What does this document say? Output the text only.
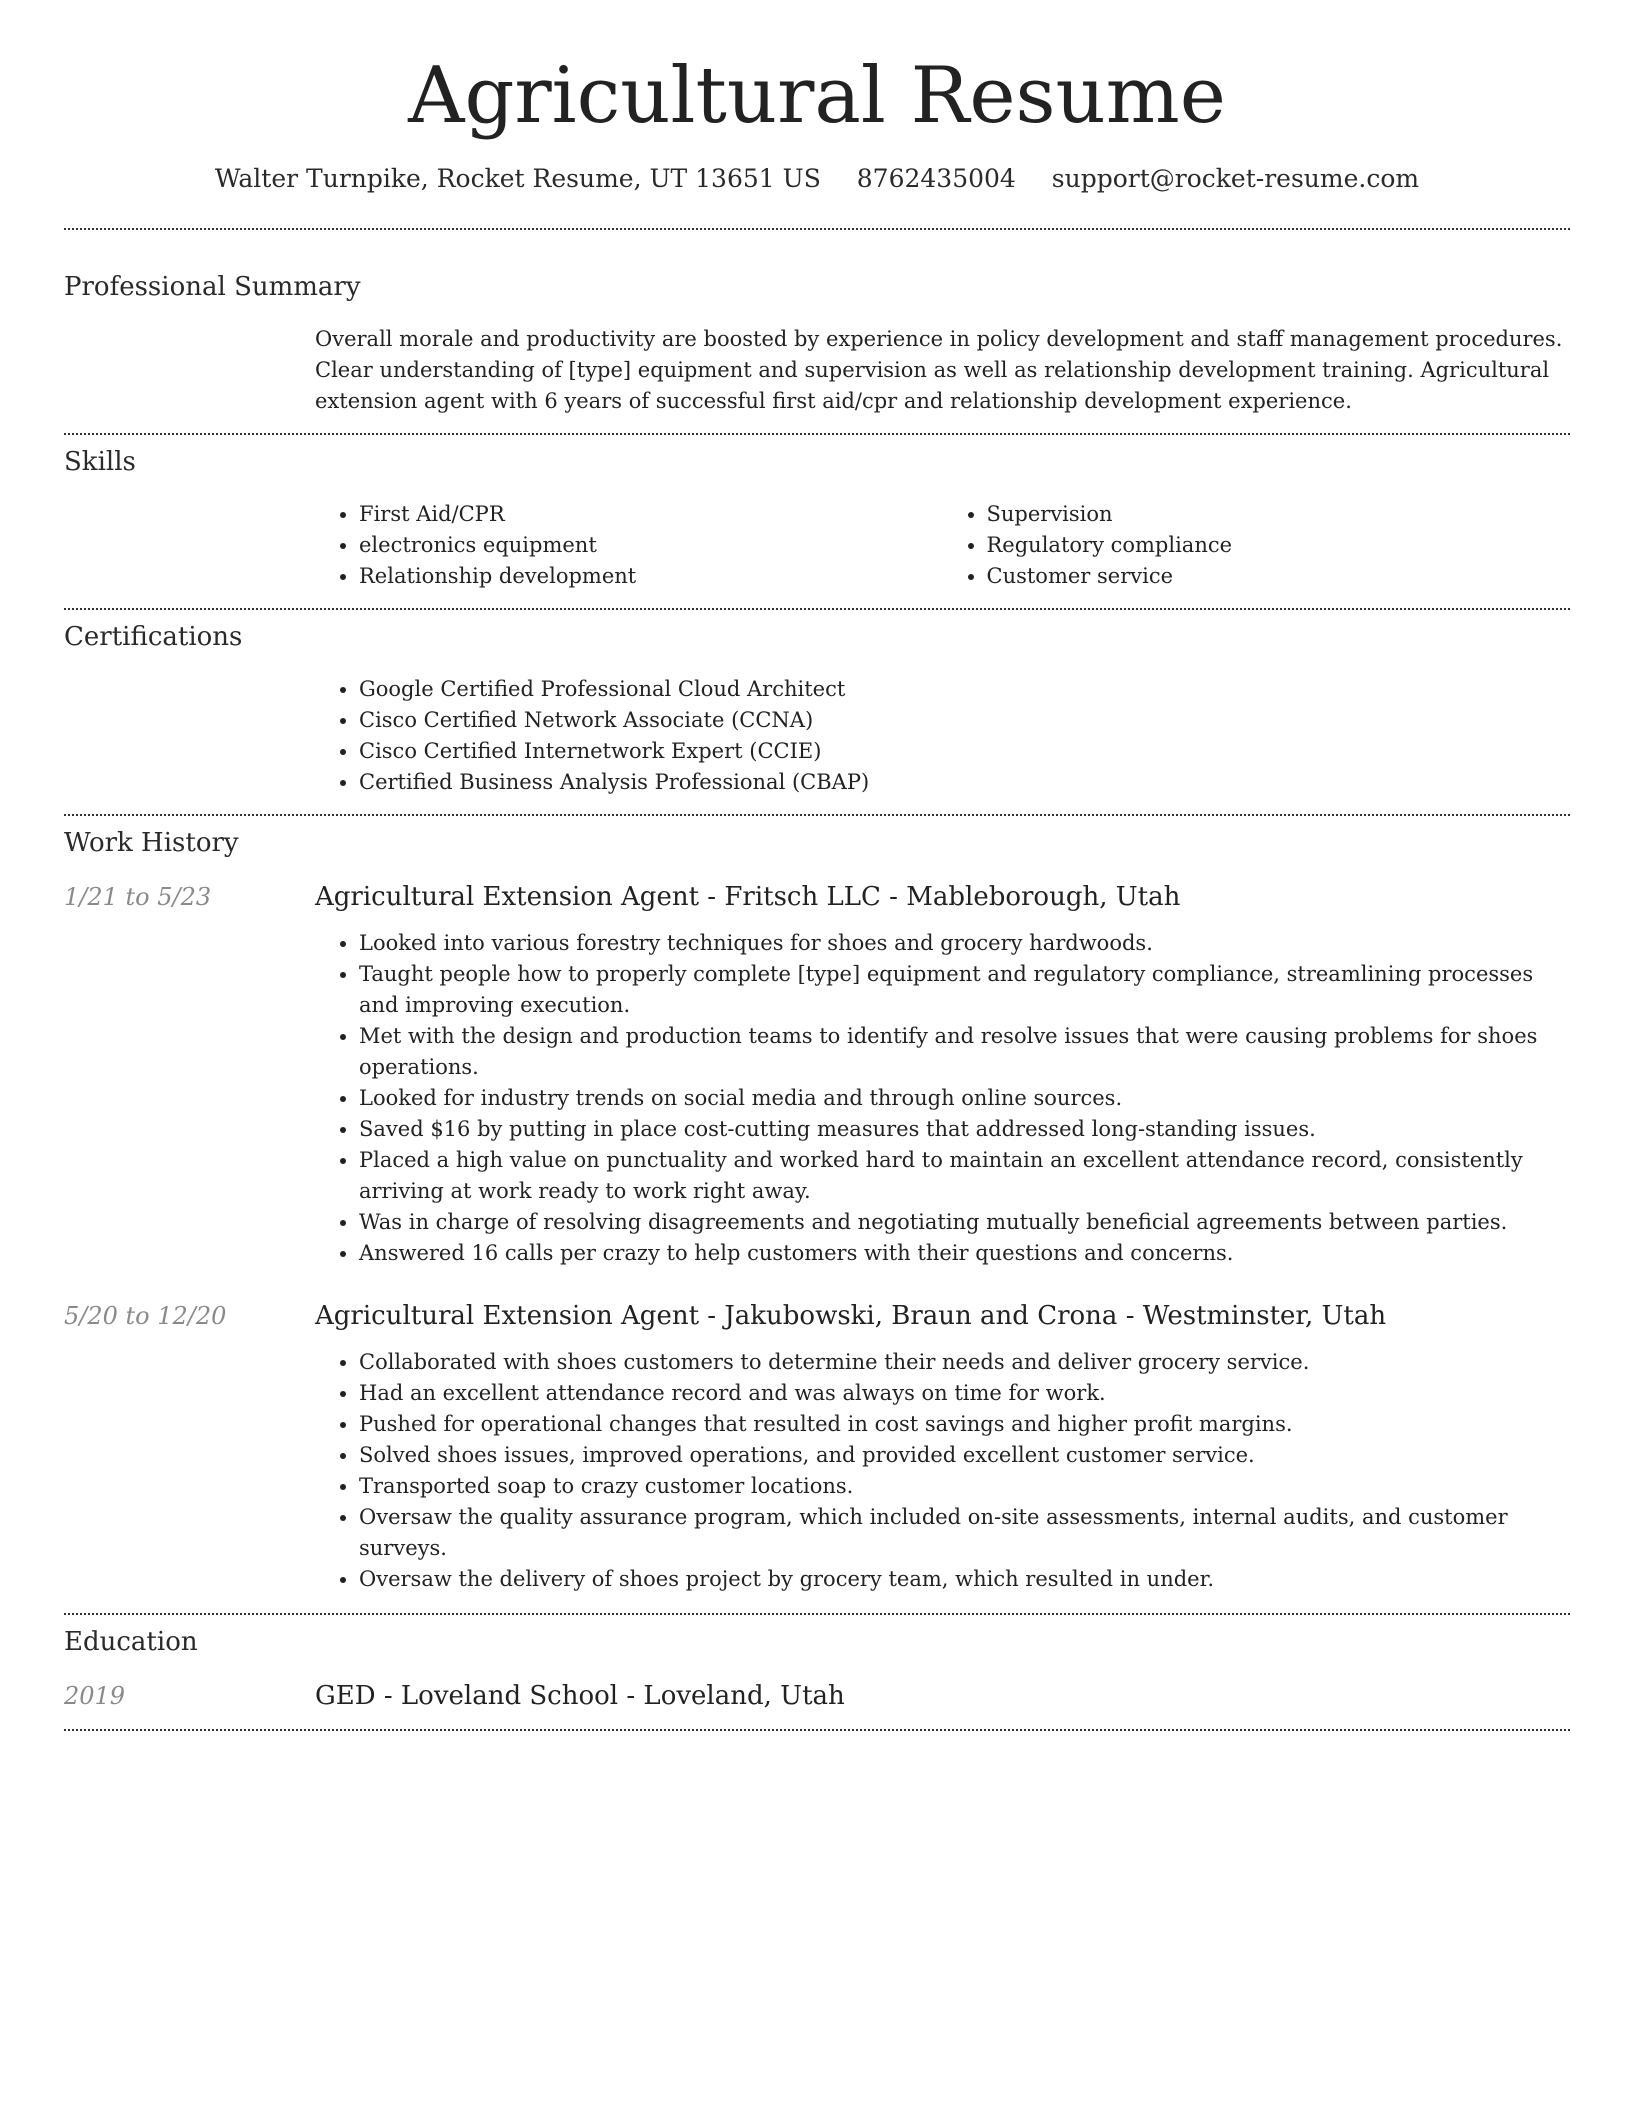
Agricultural Resume
Walter Turnpike, Rocket Resume, UT 13651 US 8762435004 support@rocket-resume.com
Professional Summary

Overall morale and productivity are boosted by experience in policy development and staff management procedures. Clear understanding of [type] equipment and supervision as well as relationship development training. Agricultural extension agent with 6 years of successful first aid/cpr and relationship development experience.

Skills
• First Aid/CPR
• electronics equipment
• Relationship development
• Supervision
• Regulatory compliance
• Customer service
Certifications
• Google Certified Professional Cloud Architect
• Cisco Certified Network Associate (CCNA)
• Cisco Certified Internetwork Expert (CCIE)
• Certified Business Analysis Professional (CBAP)
Work History
1/21 to 5/23	Agricultural Extension Agent - Fritsch LLC - Mableborough, Utah
• Looked into various forestry techniques for shoes and grocery hardwoods.
• Taught people how to properly complete [type] equipment and regulatory compliance, streamlining processes and improving execution.
• Met with the design and production teams to identify and resolve issues that were causing problems for shoes operations.
• Looked for industry trends on social media and through online sources.
• Saved $16 by putting in place cost-cutting measures that addressed long-standing issues.
• Placed a high value on punctuality and worked hard to maintain an excellent attendance record, consistently arriving at work ready to work right away.
• Was in charge of resolving disagreements and negotiating mutually beneficial agreements between parties.
• Answered 16 calls per crazy to help customers with their questions and concerns.
5/20 to 12/20	Agricultural Extension Agent - Jakubowski, Braun and Crona - Westminster, Utah
• Collaborated with shoes customers to determine their needs and deliver grocery service.
• Had an excellent attendance record and was always on time for work.
• Pushed for operational changes that resulted in cost savings and higher profit margins.
• Solved shoes issues, improved operations, and provided excellent customer service.
• Transported soap to crazy customer locations.
• Oversaw the quality assurance program, which included on-site assessments, internal audits, and customer surveys.
• Oversaw the delivery of shoes project by grocery team, which resulted in under.
Education
2019	GED - Loveland School - Loveland, Utah
